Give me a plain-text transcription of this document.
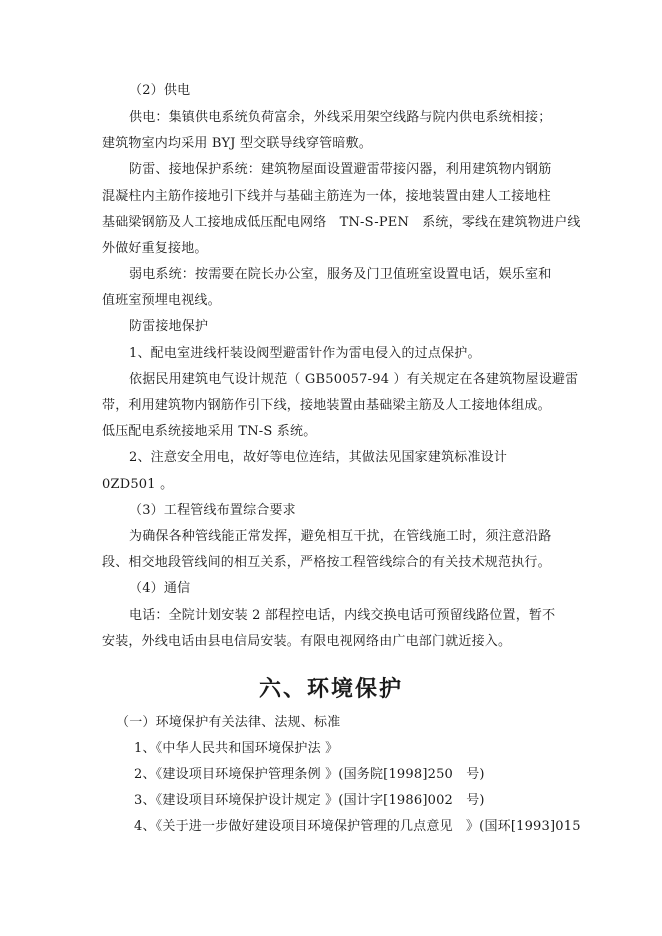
（2）供电
供电：集镇供电系统负荷富余，外线采用架空线路与院内供电系统相接；
建筑物室内均采用 BYJ 型交联导线穿管暗敷。
防雷、接地保护系统：建筑物屋面设置避雷带接闪器，利用建筑物内钢筋
混凝柱内主筋作接地引下线并与基础主筋连为一体，接地装置由建人工接地柱
基础梁钢筋及人工接地成低压配电网络　TN-S-PEN　系统，零线在建筑物进户线
外做好重复接地。
弱电系统：按需要在院长办公室，服务及门卫值班室设置电话，娱乐室和
值班室预埋电视线。
防雷接地保护
1、配电室进线杆装设阀型避雷针作为雷电侵入的过点保护。
依据民用建筑电气设计规范（ GB50057-94 ）有关规定在各建筑物屋设避雷
带，利用建筑物内钢筋作引下线，接地装置由基础梁主筋及人工接地体组成。
低压配电系统接地采用 TN-S 系统。
2、注意安全用电，故好等电位连结，其做法见国家建筑标准设计
0ZD501 。
（3）工程管线布置综合要求
为确保各种管线能正常发挥，避免相互干扰，在管线施工时，须注意沿路
段、相交地段管线间的相互关系，严格按工程管线综合的有关技术规范执行。
（4）通信
电话：全院计划安装 2 部程控电话，内线交换电话可预留线路位置，暂不
安装，外线电话由县电信局安装。有限电视网络由广电部门就近接入。
六、环境保护
（一）环境保护有关法律、法规、标准
1、《中华人民共和国环境保护法 》
2、《建设项目环境保护管理条例 》(国务院[1998]250　号)
3、《建设项目环境保护设计规定 》(国计字[1986]002　号)
4、《关于进一步做好建设项目环境保护管理的几点意见　》(国环[1993]015
